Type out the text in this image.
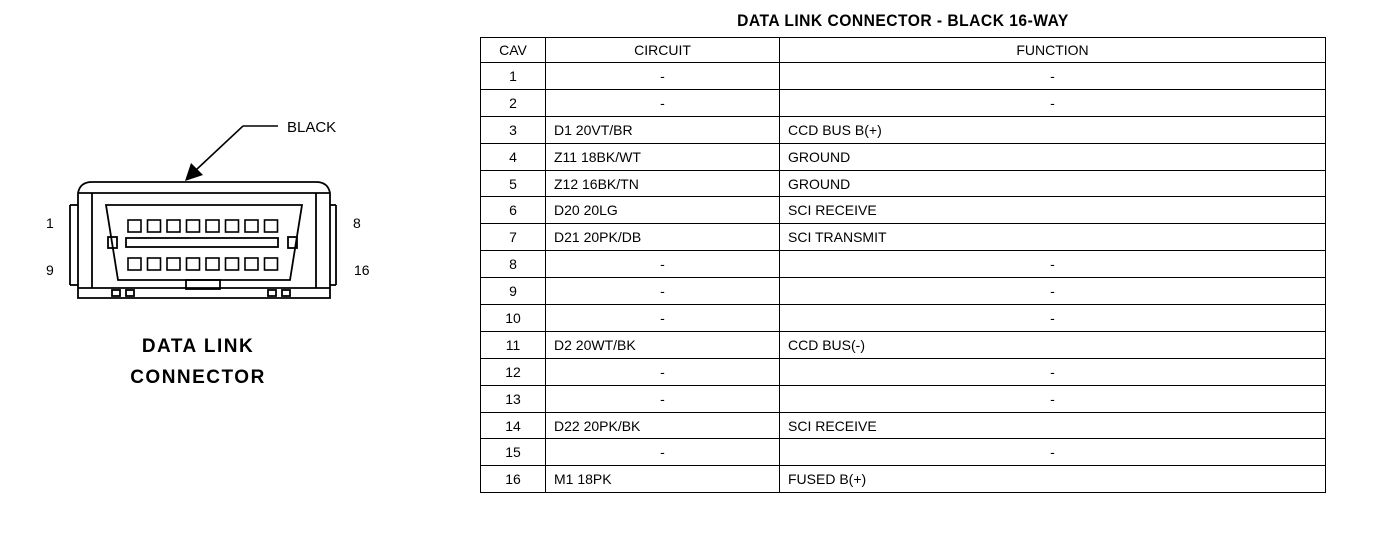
BLACK
1	8
9	16
DATA LINK
CONNECTOR
DATA LINK CONNECTOR - BLACK 16-WAY
CAV	CIRCUIT	FUNCTION
1	-	-
2	-	-
3	D1 20VT/BR	CCD BUS B(+)
4	Z11 18BK/WT	GROUND
5	Z12 16BK/TN	GROUND
6	D20 20LG	SCI RECEIVE
7	D21 20PK/DB	SCI TRANSMIT
8	-	-
9	-	-
10	-	-
11	D2 20WT/BK	CCD BUS(-)
12	-	-
13	-	-
14	D22 20PK/BK	SCI RECEIVE
15	-	-
16	M1 18PK	FUSED B(+)
